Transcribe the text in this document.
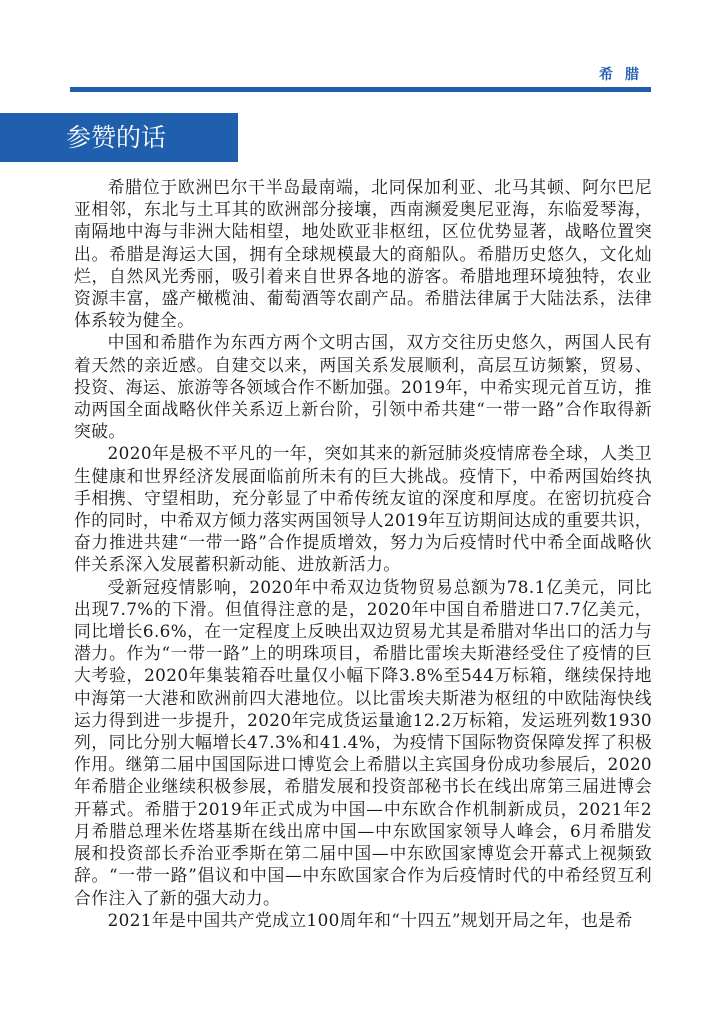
希腊
参赞的话

希腊位于欧洲巴尔干半岛最南端，北同保加利亚、北马其顿、阿尔巴尼亚相邻，东北与土耳其的欧洲部分接壤，西南濒爱奥尼亚海，东临爱琴海，南隔地中海与非洲大陆相望，地处欧亚非枢纽，区位优势显著，战略位置突出。希腊是海运大国，拥有全球规模最大的商船队。希腊历史悠久，文化灿烂，自然风光秀丽，吸引着来自世界各地的游客。希腊地理环境独特，农业资源丰富，盛产橄榄油、葡萄酒等农副产品。希腊法律属于大陆法系，法律体系较为健全。

中国和希腊作为东西方两个文明古国，双方交往历史悠久，两国人民有着天然的亲近感。自建交以来，两国关系发展顺利，高层互访频繁，贸易、投资、海运、旅游等各领域合作不断加强。2019年，中希实现元首互访，推动两国全面战略伙伴关系迈上新台阶，引领中希共建“一带一路”合作取得新突破。

2020年是极不平凡的一年，突如其来的新冠肺炎疫情席卷全球，人类卫生健康和世界经济发展面临前所未有的巨大挑战。疫情下，中希两国始终执手相携、守望相助，充分彰显了中希传统友谊的深度和厚度。在密切抗疫合作的同时，中希双方倾力落实两国领导人2019年互访期间达成的重要共识，奋力推进共建“一带一路”合作提质增效，努力为后疫情时代中希全面战略伙伴关系深入发展蓄积新动能、进放新活力。

受新冠疫情影响，2020年中希双边货物贸易总额为78.1亿美元，同比出现7.7%的下滑。但值得注意的是，2020年中国自希腊进口7.7亿美元，同比增长6.6%，在一定程度上反映出双边贸易尤其是希腊对华出口的活力与潜力。作为“一带一路”上的明珠项目，希腊比雷埃夫斯港经受住了疫情的巨大考验，2020年集装箱吞吐量仅小幅下降3.8%至544万标箱，继续保持地中海第一大港和欧洲前四大港地位。以比雷埃夫斯港为枢纽的中欧陆海快线运力得到进一步提升，2020年完成货运量逾12.2万标箱，发运班列数1930列，同比分别大幅增长47.3%和41.4%，为疫情下国际物资保障发挥了积极作用。继第二届中国国际进口博览会上希腊以主宾国身份成功参展后，2020年希腊企业继续积极参展，希腊发展和投资部秘书长在线出席第三届进博会开幕式。希腊于2019年正式成为中国—中东欧合作机制新成员，2021年2月希腊总理米佐塔基斯在线出席中国—中东欧国家领导人峰会，6月希腊发展和投资部长乔治亚季斯在第二届中国—中东欧国家博览会开幕式上视频致辞。“一带一路”倡议和中国—中东欧国家合作为后疫情时代的中希经贸互利合作注入了新的强大动力。

2021年是中国共产党成立100周年和“十四五”规划开局之年，也是希
